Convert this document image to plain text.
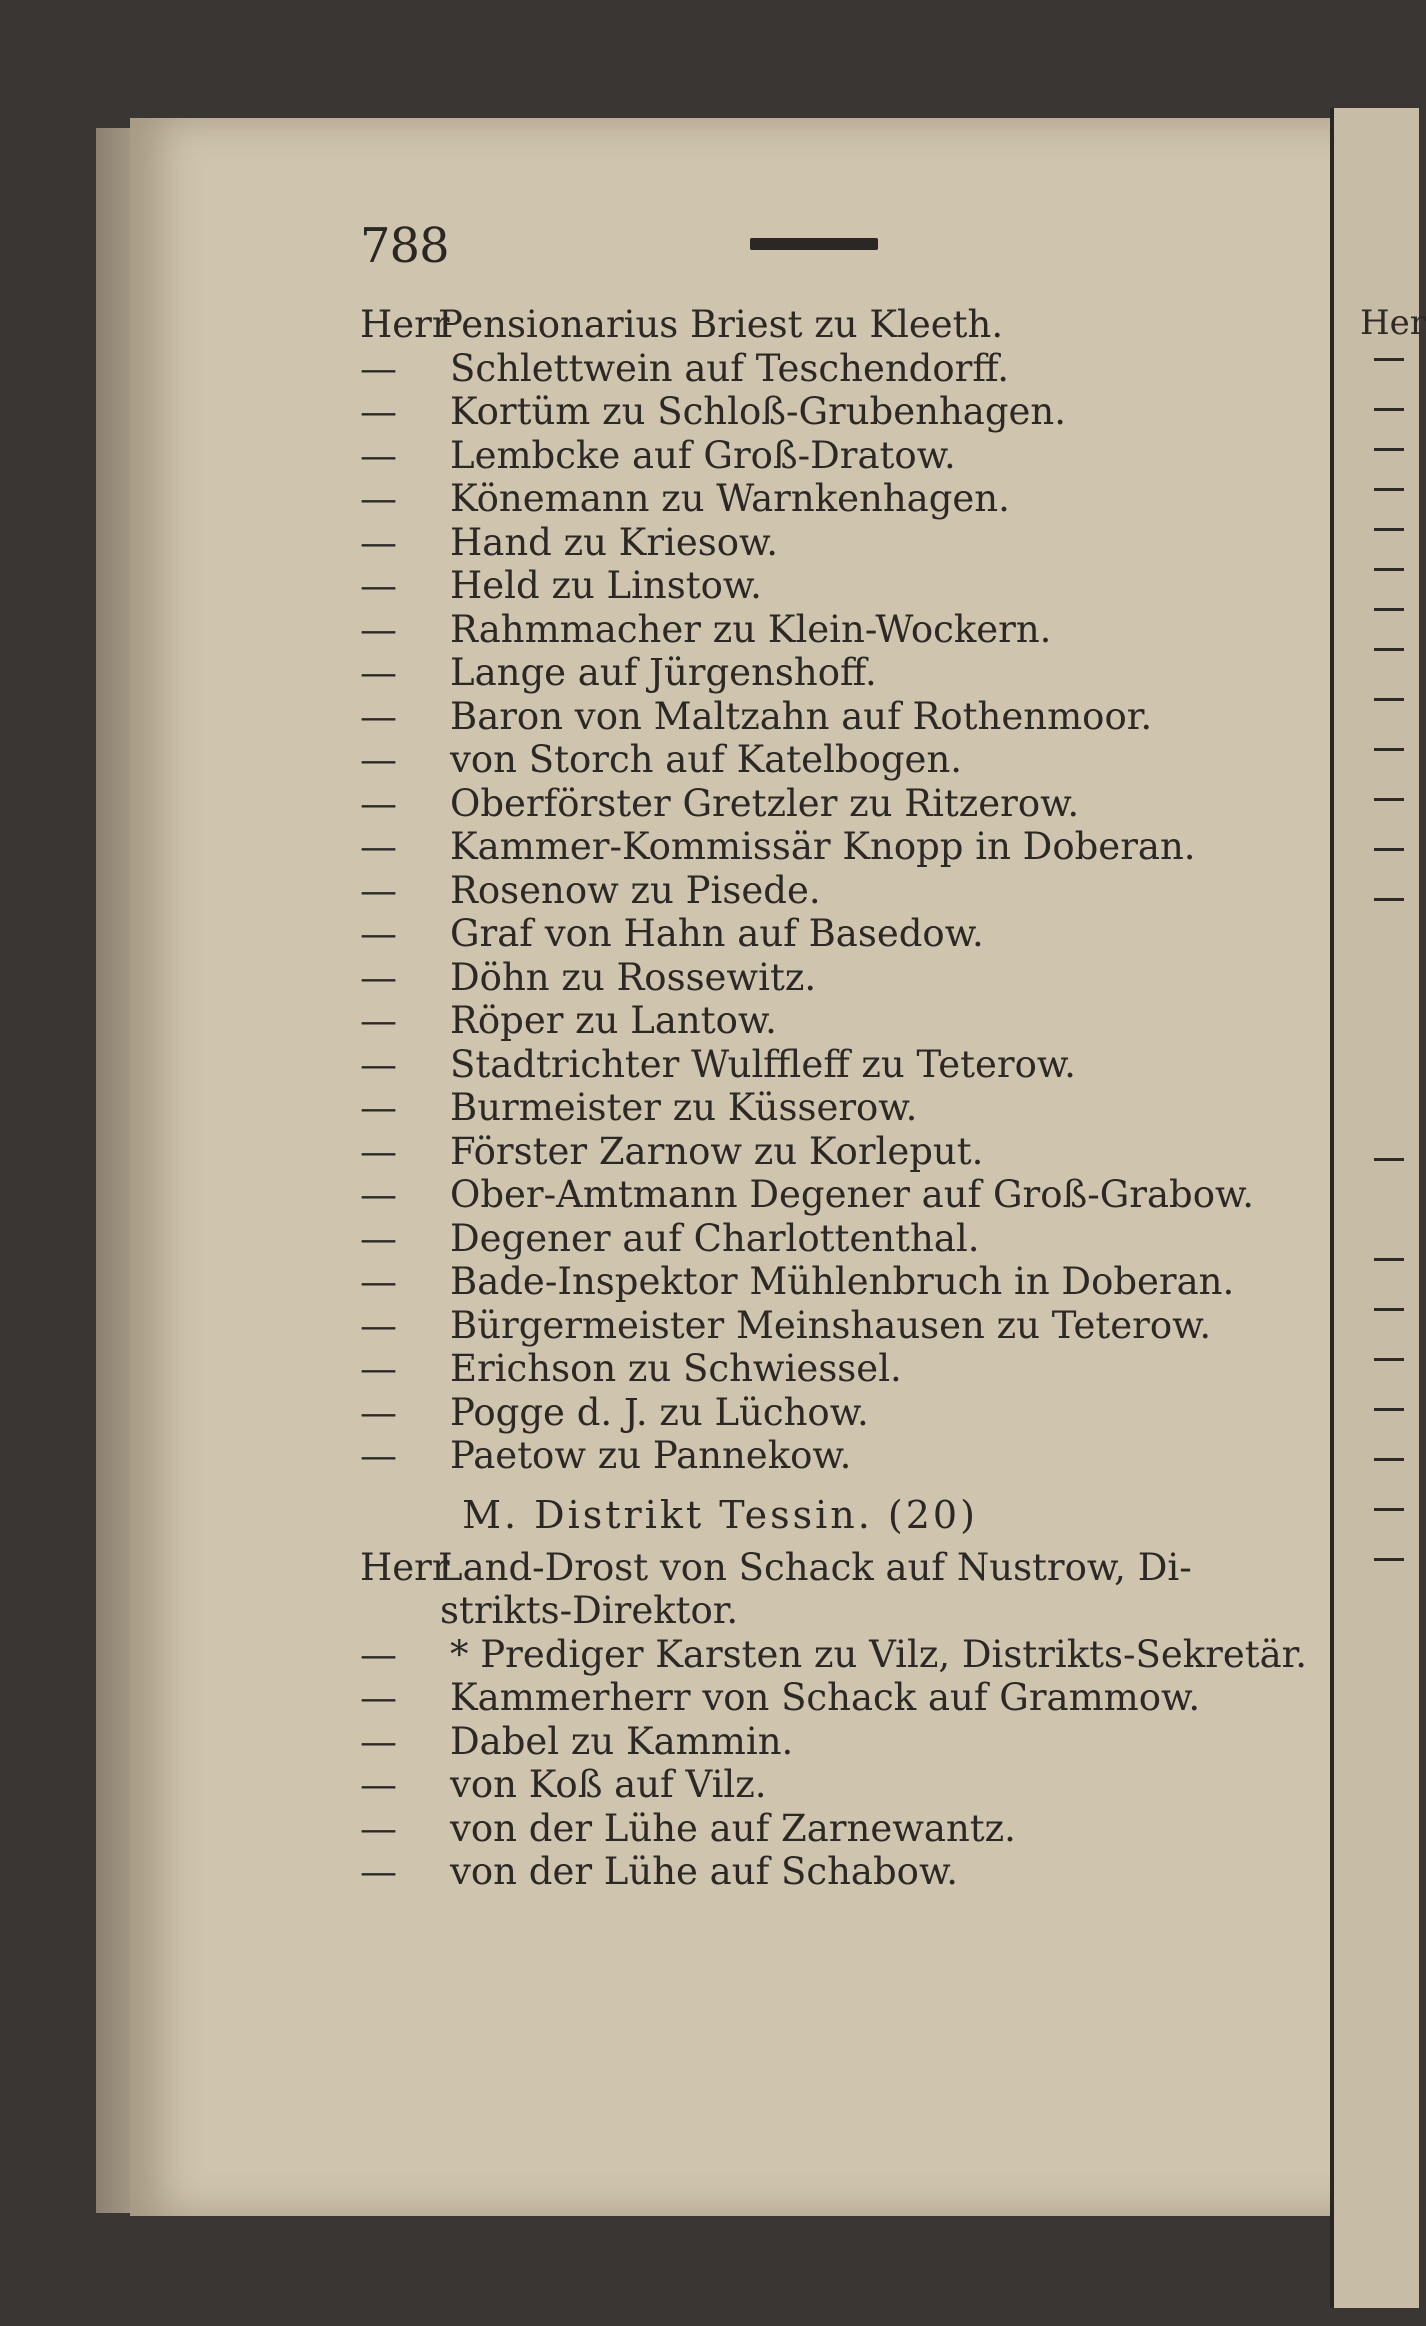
Her
788
HerrPensionarius Briest zu Kleeth.
— Schlettwein auf Teschendorff.
— Kortüm zu Schloß-Grubenhagen.
— Lembcke auf Groß-Dratow.
— Könemann zu Warnkenhagen.
— Hand zu Kriesow.
— Held zu Linstow.
— Rahmmacher zu Klein-Wockern.
— Lange auf Jürgenshoff.
— Baron von Maltzahn auf Rothenmoor.
— von Storch auf Katelbogen.
— Oberförster Gretzler zu Ritzerow.
— Kammer-Kommissär Knopp in Doberan.
— Rosenow zu Pisede.
— Graf von Hahn auf Basedow.
— Döhn zu Rossewitz.
— Röper zu Lantow.
— Stadtrichter Wulffleff zu Teterow.
— Burmeister zu Küsserow.
— Förster Zarnow zu Korleput.
— Ober-Amtmann Degener auf Groß-Grabow.
— Degener auf Charlottenthal.
— Bade-Inspektor Mühlenbruch in Doberan.
— Bürgermeister Meinshausen zu Teterow.
— Erichson zu Schwiessel.
— Pogge d. J. zu Lüchow.
— Paetow zu Pannekow.
M. Distrikt Tessin. (20)
HerrLand-Drost von Schack auf Nustrow, Di-
strikts-Direktor.
— * Prediger Karsten zu Vilz, Distrikts-Sekretär.
— Kammerherr von Schack auf Grammow.
— Dabel zu Kammin.
— von Koß auf Vilz.
— von der Lühe auf Zarnewantz.
— von der Lühe auf Schabow.
